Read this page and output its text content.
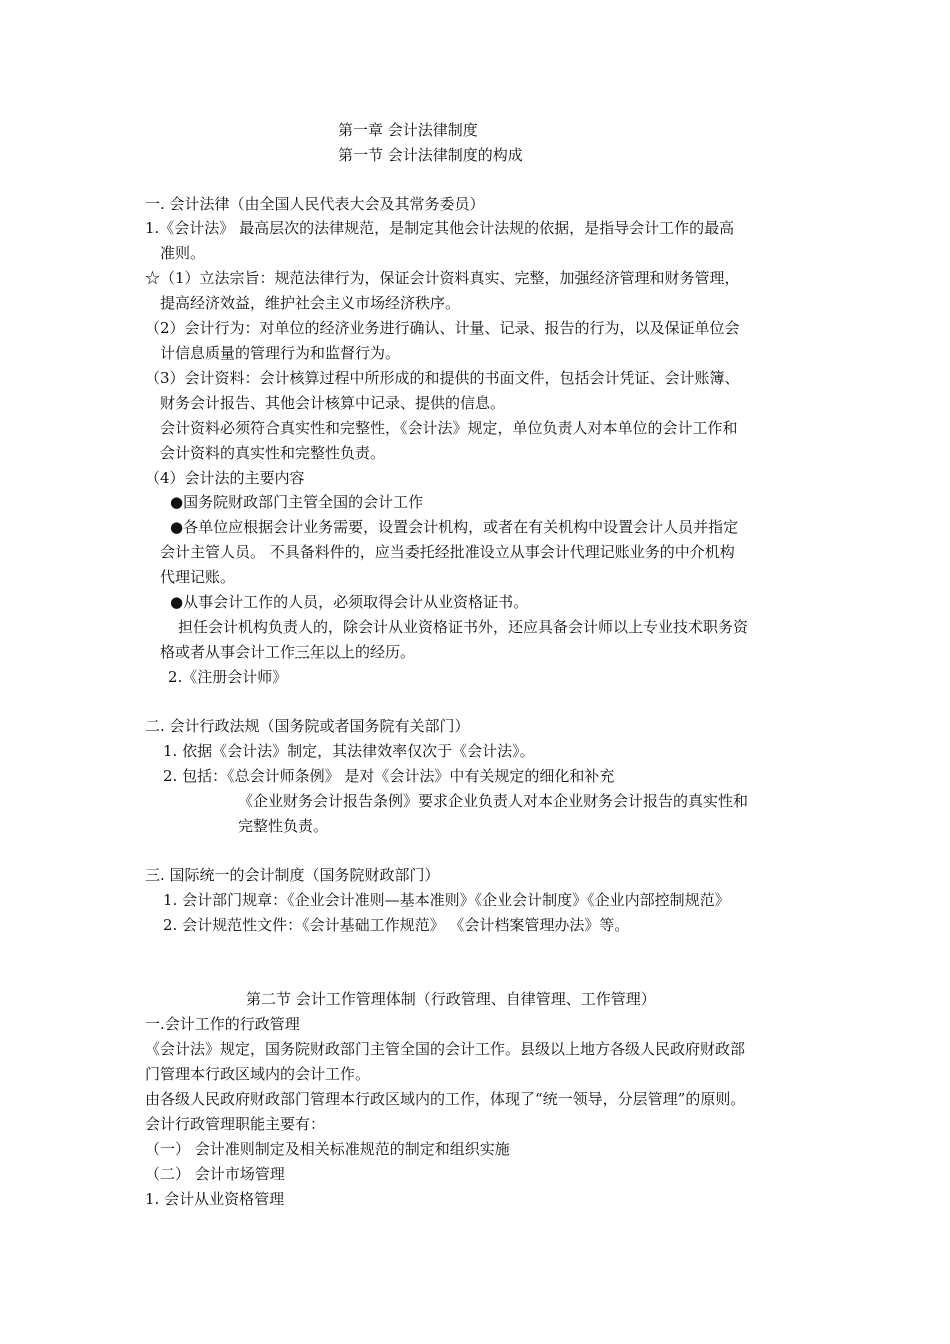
第一章 会计法律制度
第一节 会计法律制度的构成
一. 会计法律（由全国人民代表大会及其常务委员）
1.《会计法》 最高层次的法律规范，是制定其他会计法规的依据，是指导会计工作的最高
准则。
☆（1）立法宗旨：规范法律行为，保证会计资料真实、完整，加强经济管理和财务管理，
提高经济效益，维护社会主义市场经济秩序。
（2）会计行为：对单位的经济业务进行确认、计量、记录、报告的行为，以及保证单位会
计信息质量的管理行为和监督行为。
（3）会计资料：会计核算过程中所形成的和提供的书面文件，包括会计凭证、会计账簿、
财务会计报告、其他会计核算中记录、提供的信息。
会计资料必须符合真实性和完整性，《会计法》规定，单位负责人对本单位的会计工作和
会计资料的真实性和完整性负责。
（4）会计法的主要内容
●国务院财政部门主管全国的会计工作
●各单位应根据会计业务需要，设置会计机构，或者在有关机构中设置会计人员并指定
会计主管人员。 不具备料件的，应当委托经批准设立从事会计代理记账业务的中介机构
代理记账。
●从事会计工作的人员，必须取得会计从业资格证书。
担任会计机构负责人的，除会计从业资格证书外，还应具备会计师以上专业技术职务资
格或者从事会计工作三年以上的经历。
2.《注册会计师》
二. 会计行政法规（国务院或者国务院有关部门）
1. 依据《会计法》制定，其法律效率仅次于《会计法》。
2. 包括：《总会计师条例》 是对《会计法》中有关规定的细化和补充
《企业财务会计报告条例》要求企业负责人对本企业财务会计报告的真实性和
完整性负责。
三. 国际统一的会计制度（国务院财政部门）
1. 会计部门规章：《企业会计准则—基本准则》《企业会计制度》《企业内部控制规范》
2. 会计规范性文件：《会计基础工作规范》 《会计档案管理办法》等。
第二节 会计工作管理体制（行政管理、自律管理、工作管理）
一.会计工作的行政管理
《会计法》规定，国务院财政部门主管全国的会计工作。县级以上地方各级人民政府财政部
门管理本行政区域内的会计工作。
由各级人民政府财政部门管理本行政区域内的工作，体现了“统一领导，分层管理”的原则。
会计行政管理职能主要有：
（一） 会计准则制定及相关标准规范的制定和组织实施
（二） 会计市场管理
1. 会计从业资格管理
